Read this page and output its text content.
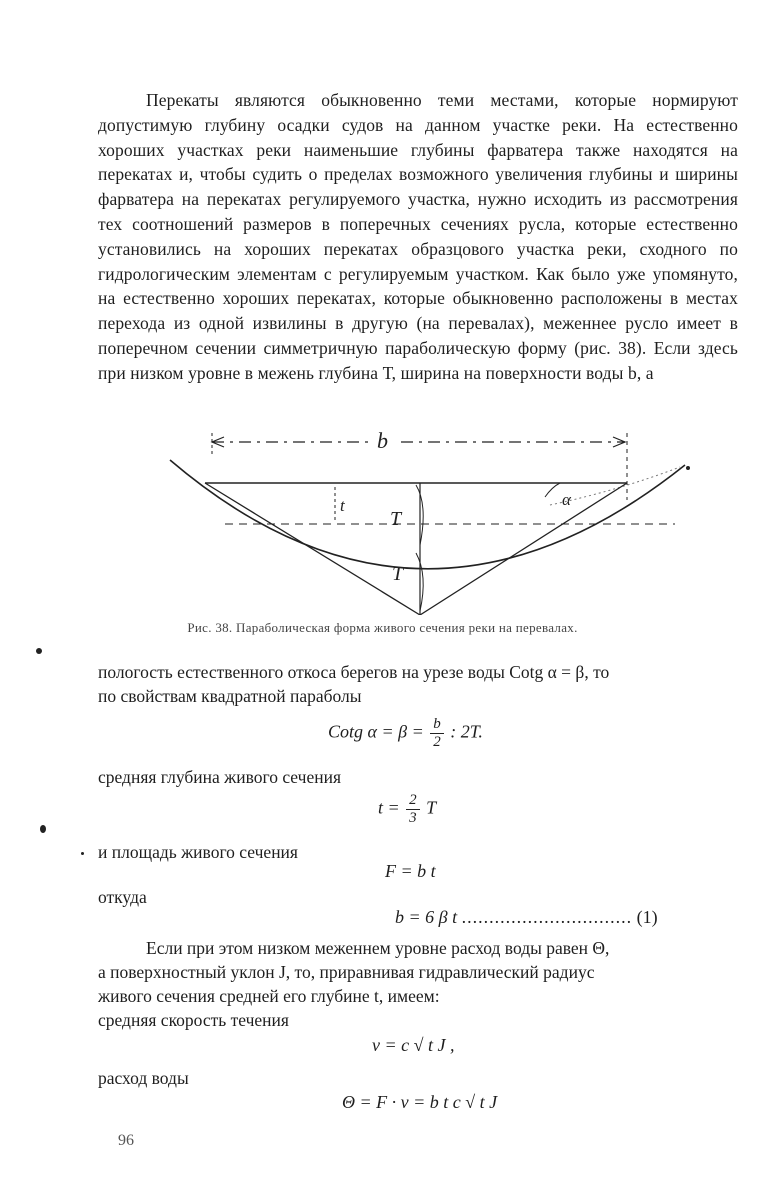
Перекаты являются обыкновенно теми местами, которые нормируют допустимую глубину осадки судов на данном участке реки. На естественно хороших участках реки наименьшие глубины фарватера также находятся на перекатах и, чтобы судить о пределах возможного увеличения глубины и ширины фарватера на перекатах регулируемого участка, нужно исходить из рассмотрения тех соотношений размеров в поперечных сечениях русла, которые естественно установились на хороших перекатах образцового участка реки, сходного по гидрологическим элементам с регулируемым участком. Как было уже упомянуто, на естественно хороших перекатах, которые обыкновенно расположены в местах перехода из одной извилины в другую (на перевалах), меженнее русло имеет в поперечном сечении симметричную параболическую форму (рис. 38). Если здесь при низком уровне в межень глубина Т, ширина на поверхности воды b, а
b
t
T
T
α
Рис. 38. Параболическая форма живого сечения реки на перевалах.
пологость естественного откоса берегов на урезе воды Cotg α = β, то
по свойствам квадратной параболы
Cotg $\alpha = \beta = \frac{b}{2}$ : 2T.
средняя глубина живого сечения
$t = \frac{2}{3}$ T
и площадь живого сечения
F = b t
откуда
b = 6 β t ............................... (1)
Если при этом низком меженнем уровне расход воды равен Θ,
а поверхностный уклон J, то, приравнивая гидравлический радиус
живого сечения средней его глубине t, имеем:
средняя скорость течения
v = c √ t J ,
расход воды
Θ = F · v = b t c √ t J
96
